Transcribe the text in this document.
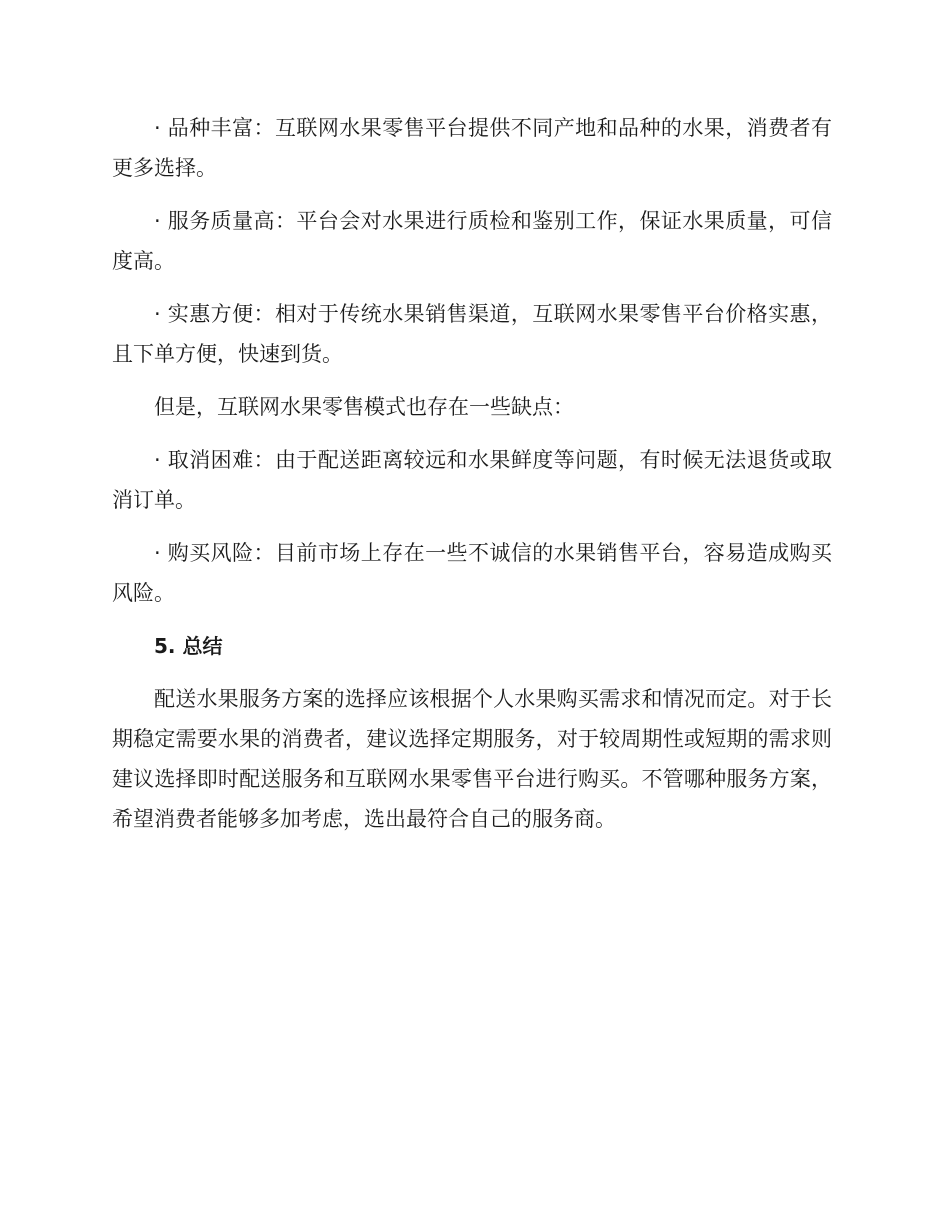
· 品种丰富：互联网水果零售平台提供不同产地和品种的水果，消费者有更多选择。

· 服务质量高：平台会对水果进行质检和鉴别工作，保证水果质量，可信度高。

· 实惠方便：相对于传统水果销售渠道，互联网水果零售平台价格实惠，且下单方便，快速到货。

但是，互联网水果零售模式也存在一些缺点：

· 取消困难：由于配送距离较远和水果鲜度等问题，有时候无法退货或取消订单。

· 购买风险：目前市场上存在一些不诚信的水果销售平台，容易造成购买风险。

5. 总结

配送水果服务方案的选择应该根据个人水果购买需求和情况而定。对于长期稳定需要水果的消费者，建议选择定期服务，对于较周期性或短期的需求则建议选择即时配送服务和互联网水果零售平台进行购买。不管哪种服务方案，希望消费者能够多加考虑，选出最符合自己的服务商。
